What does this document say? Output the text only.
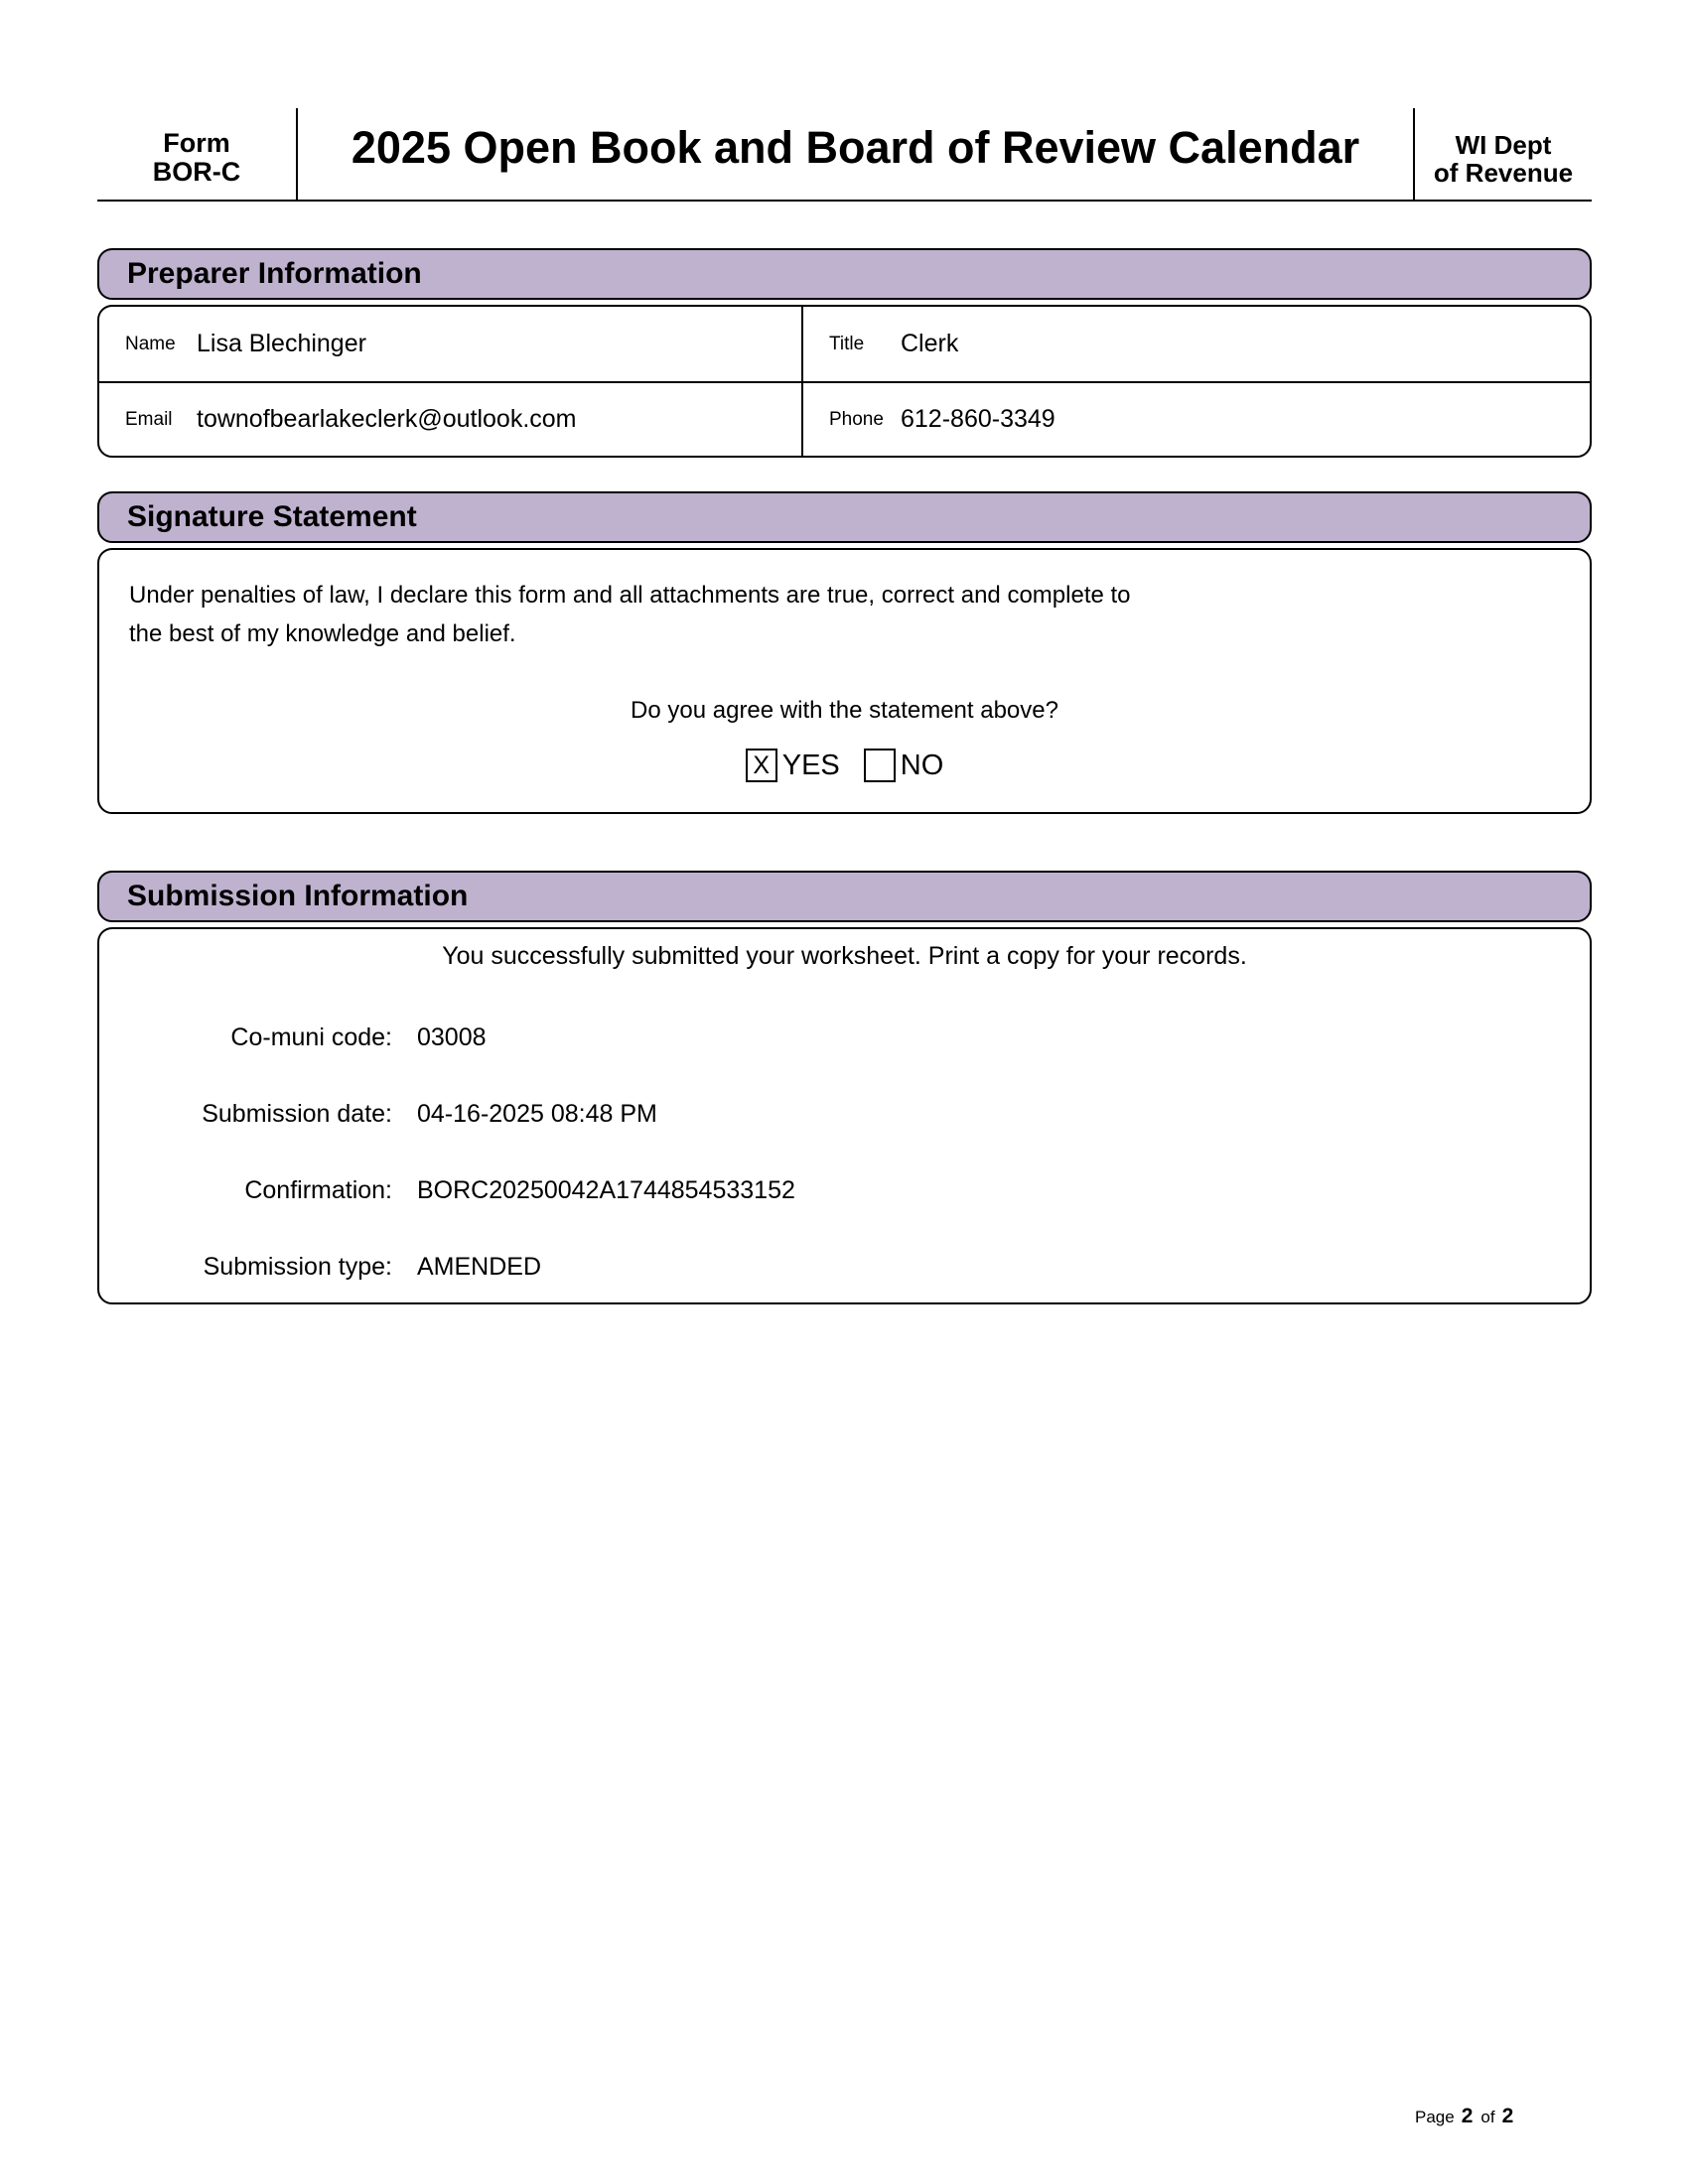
Form
BOR-C	2025 Open Book and Board of Review Calendar	WI Dept
of Revenue
Preparer Information
Name Lisa Blechinger	Title	Clerk
Email townofbearlakeclerk@outlook.com	Phone 612-860-3349
Signature Statement

Under penalties of law, I declare this form and all attachments are true, correct and complete to the best of my knowledge and belief.

Do you agree with the statement above?

X YES NO
Submission Information

You successfully submitted your worksheet. Print a copy for your records.

Co-muni code: 03008
Submission date: 04-16-2025 08:48 PM
Confirmation: BORC20250042A1744854533152
Submission type: AMENDED
Page 2 of 2
